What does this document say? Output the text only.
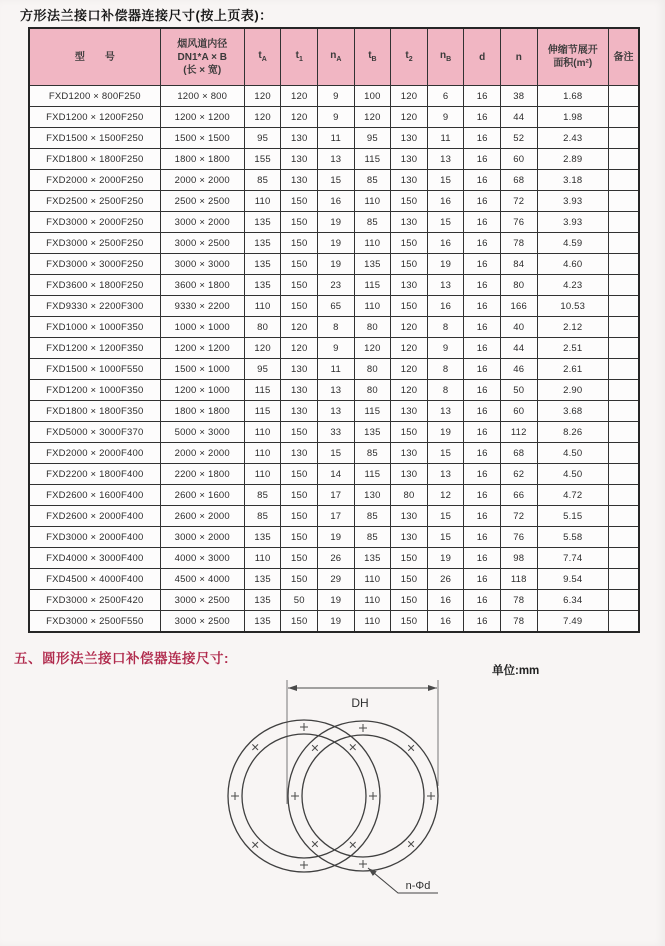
方形法兰接口补偿器连接尺寸(按上页表)：
型　　号	烟风道内径
DN1*A × B
(长 × 宽)	$t_A$	$t_1$	$n_A$	$t_B$	$t_2$	$n_B$	d	n	伸缩节展开
面积(m²)	备注
FXD1200 × 800F250	1200 × 800	120	120	9	100	120	6	16	38	1.68	
FXD1200 × 1200F250	1200 × 1200	120	120	9	120	120	9	16	44	1.98	
FXD1500 × 1500F250	1500 × 1500	95	130	11	95	130	11	16	52	2.43	
FXD1800 × 1800F250	1800 × 1800	155	130	13	115	130	13	16	60	2.89	
FXD2000 × 2000F250	2000 × 2000	85	130	15	85	130	15	16	68	3.18	
FXD2500 × 2500F250	2500 × 2500	110	150	16	110	150	16	16	72	3.93	
FXD3000 × 2000F250	3000 × 2000	135	150	19	85	130	15	16	76	3.93	
FXD3000 × 2500F250	3000 × 2500	135	150	19	110	150	16	16	78	4.59	
FXD3000 × 3000F250	3000 × 3000	135	150	19	135	150	19	16	84	4.60	
FXD3600 × 1800F250	3600 × 1800	135	150	23	115	130	13	16	80	4.23	
FXD9330 × 2200F300	9330 × 2200	110	150	65	110	150	16	16	166	10.53	
FXD1000 × 1000F350	1000 × 1000	80	120	8	80	120	8	16	40	2.12	
FXD1200 × 1200F350	1200 × 1200	120	120	9	120	120	9	16	44	2.51	
FXD1500 × 1000F550	1500 × 1000	95	130	11	80	120	8	16	46	2.61	
FXD1200 × 1000F350	1200 × 1000	115	130	13	80	120	8	16	50	2.90	
FXD1800 × 1800F350	1800 × 1800	115	130	13	115	130	13	16	60	3.68	
FXD5000 × 3000F370	5000 × 3000	110	150	33	135	150	19	16	112	8.26	
FXD2000 × 2000F400	2000 × 2000	110	130	15	85	130	15	16	68	4.50	
FXD2200 × 1800F400	2200 × 1800	110	150	14	115	130	13	16	62	4.50	
FXD2600 × 1600F400	2600 × 1600	85	150	17	130	80	12	16	66	4.72	
FXD2600 × 2000F400	2600 × 2000	85	150	17	85	130	15	16	72	5.15	
FXD3000 × 2000F400	3000 × 2000	135	150	19	85	130	15	16	76	5.58	
FXD4000 × 3000F400	4000 × 3000	110	150	26	135	150	19	16	98	7.74	
FXD4500 × 4000F400	4500 × 4000	135	150	29	110	150	26	16	118	9.54	
FXD3000 × 2500F420	3000 × 2500	135	50	19	110	150	16	16	78	6.34	
FXD3000 × 2500F550	3000 × 2500	135	150	19	110	150	16	16	78	7.49	
五、圆形法兰接口补偿器连接尺寸:
单位:mm
DH
n-Φd
